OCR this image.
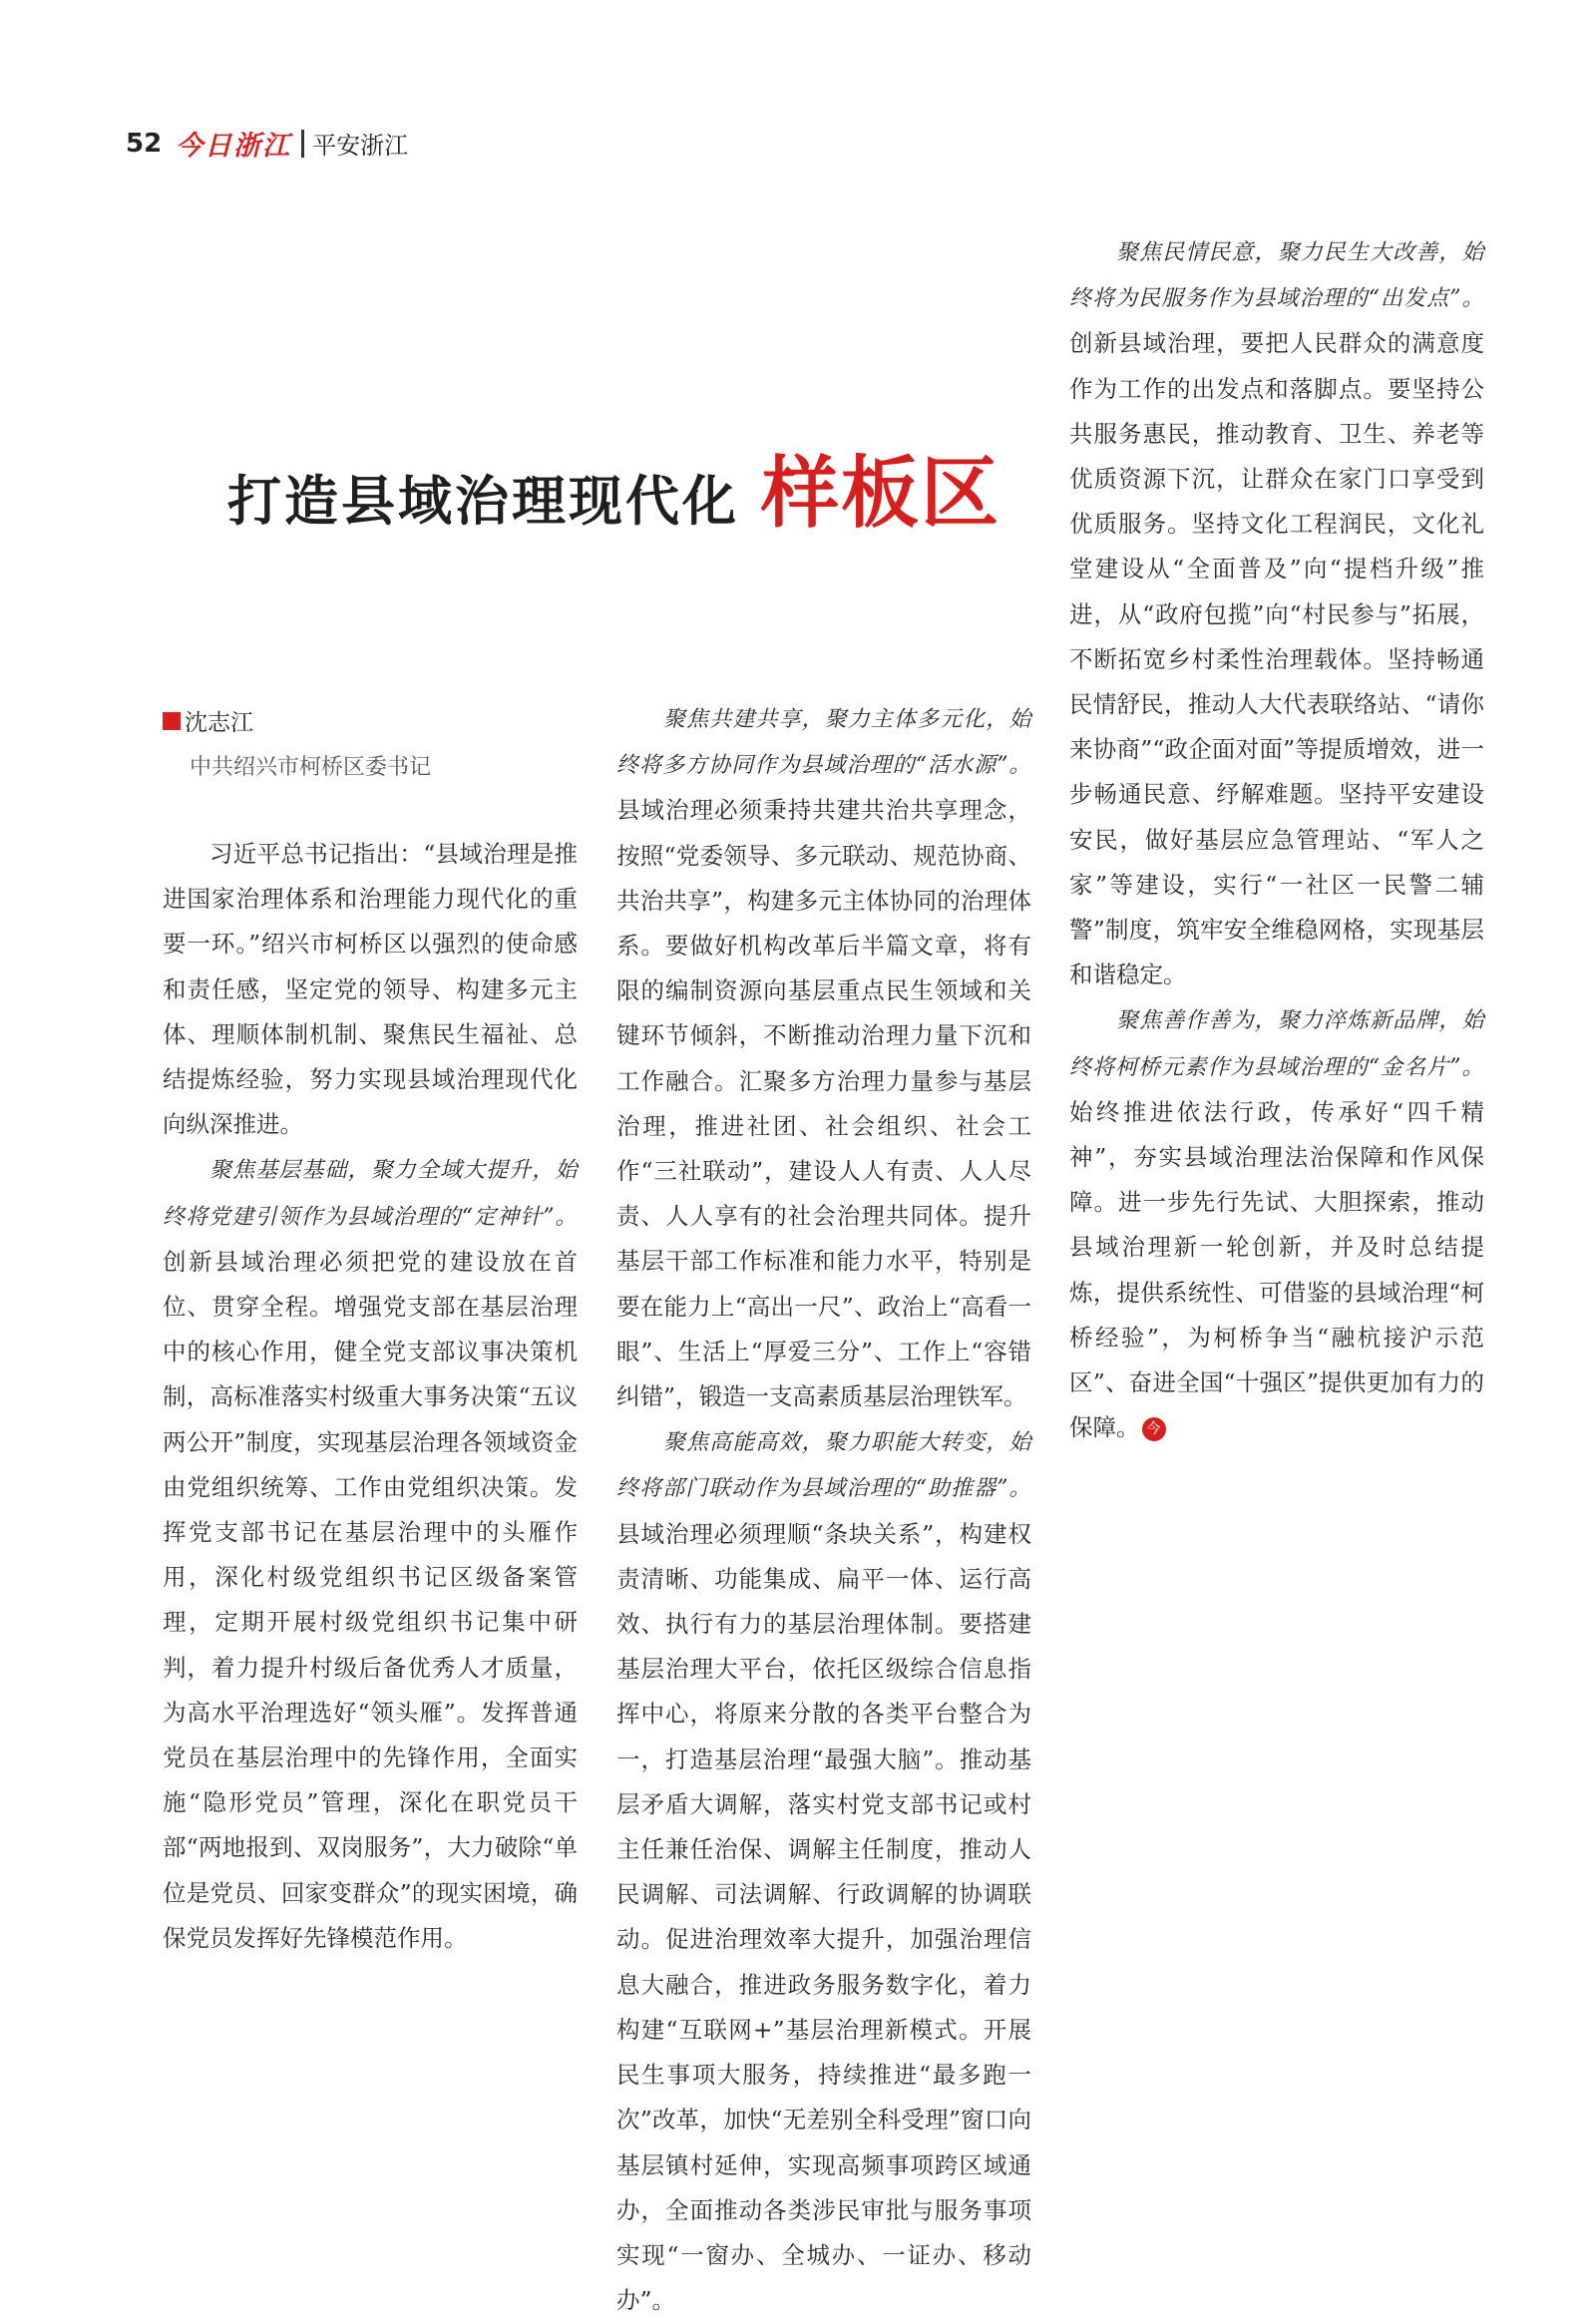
52 今日浙江 平安浙江
打造县域治理现代化 样板区
沈志江
中共绍兴市柯桥区委书记

习近平总书记指出：“县域治理是推进国家治理体系和治理能力现代化的重要一环。”绍兴市柯桥区以强烈的使命感和责任感，坚定党的领导、构建多元主体、理顺体制机制、聚焦民生福祉、总结提炼经验，努力实现县域治理现代化向纵深推进。

聚焦基层基础，聚力全域大提升，始终将党建引领作为县域治理的“定神针”。创新县域治理必须把党的建设放在首位、贯穿全程。增强党支部在基层治理中的核心作用，健全党支部议事决策机制，高标准落实村级重大事务决策“五议两公开”制度，实现基层治理各领域资金由党组织统筹、工作由党组织决策。发挥党支部书记在基层治理中的头雁作用，深化村级党组织书记区级备案管理，定期开展村级党组织书记集中研判，着力提升村级后备优秀人才质量，为高水平治理选好“领头雁”。发挥普通党员在基层治理中的先锋作用，全面实施“隐形党员”管理，深化在职党员干部“两地报到、双岗服务”，大力破除“单位是党员、回家变群众”的现实困境，确保党员发挥好先锋模范作用。

聚焦共建共享，聚力主体多元化，始终将多方协同作为县域治理的“活水源”。县域治理必须秉持共建共治共享理念，按照“党委领导、多元联动、规范协商、共治共享”，构建多元主体协同的治理体系。要做好机构改革后半篇文章，将有限的编制资源向基层重点民生领域和关键环节倾斜，不断推动治理力量下沉和工作融合。汇聚多方治理力量参与基层治理，推进社团、社会组织、社会工作“三社联动”，建设人人有责、人人尽责、人人享有的社会治理共同体。提升基层干部工作标准和能力水平，特别是要在能力上“高出一尺”、政治上“高看一眼”、生活上“厚爱三分”、工作上“容错纠错”，锻造一支高素质基层治理铁军。

聚焦高能高效，聚力职能大转变，始终将部门联动作为县域治理的“助推器”。县域治理必须理顺“条块关系”，构建权责清晰、功能集成、扁平一体、运行高效、执行有力的基层治理体制。要搭建基层治理大平台，依托区级综合信息指挥中心，将原来分散的各类平台整合为一，打造基层治理“最强大脑”。推动基层矛盾大调解，落实村党支部书记或村主任兼任治保、调解主任制度，推动人民调解、司法调解、行政调解的协调联动。促进治理效率大提升，加强治理信息大融合，推进政务服务数字化，着力构建“互联网+”基层治理新模式。开展民生事项大服务，持续推进“最多跑一次”改革，加快“无差别全科受理”窗口向基层镇村延伸，实现高频事项跨区域通办，全面推动各类涉民审批与服务事项实现“一窗办、全城办、一证办、移动办”。

聚焦民情民意，聚力民生大改善，始终将为民服务作为县域治理的“出发点”。创新县域治理，要把人民群众的满意度作为工作的出发点和落脚点。要坚持公共服务惠民，推动教育、卫生、养老等优质资源下沉，让群众在家门口享受到优质服务。坚持文化工程润民，文化礼堂建设从“全面普及”向“提档升级”推进，从“政府包揽”向“村民参与”拓展，不断拓宽乡村柔性治理载体。坚持畅通民情舒民，推动人大代表联络站、“请你来协商”“政企面对面”等提质增效，进一步畅通民意、纾解难题。坚持平安建设安民，做好基层应急管理站、“军人之家”等建设，实行“一社区一民警二辅警”制度，筑牢安全维稳网格，实现基层和谐稳定。

聚焦善作善为，聚力淬炼新品牌，始终将柯桥元素作为县域治理的“金名片”。始终推进依法行政，传承好“四千精神”，夯实县域治理法治保障和作风保障。进一步先行先试、大胆探索，推动县域治理新一轮创新，并及时总结提炼，提供系统性、可借鉴的县域治理“柯桥经验”，为柯桥争当“融杭接沪示范区”、奋进全国“十强区”提供更加有力的保障。 今
